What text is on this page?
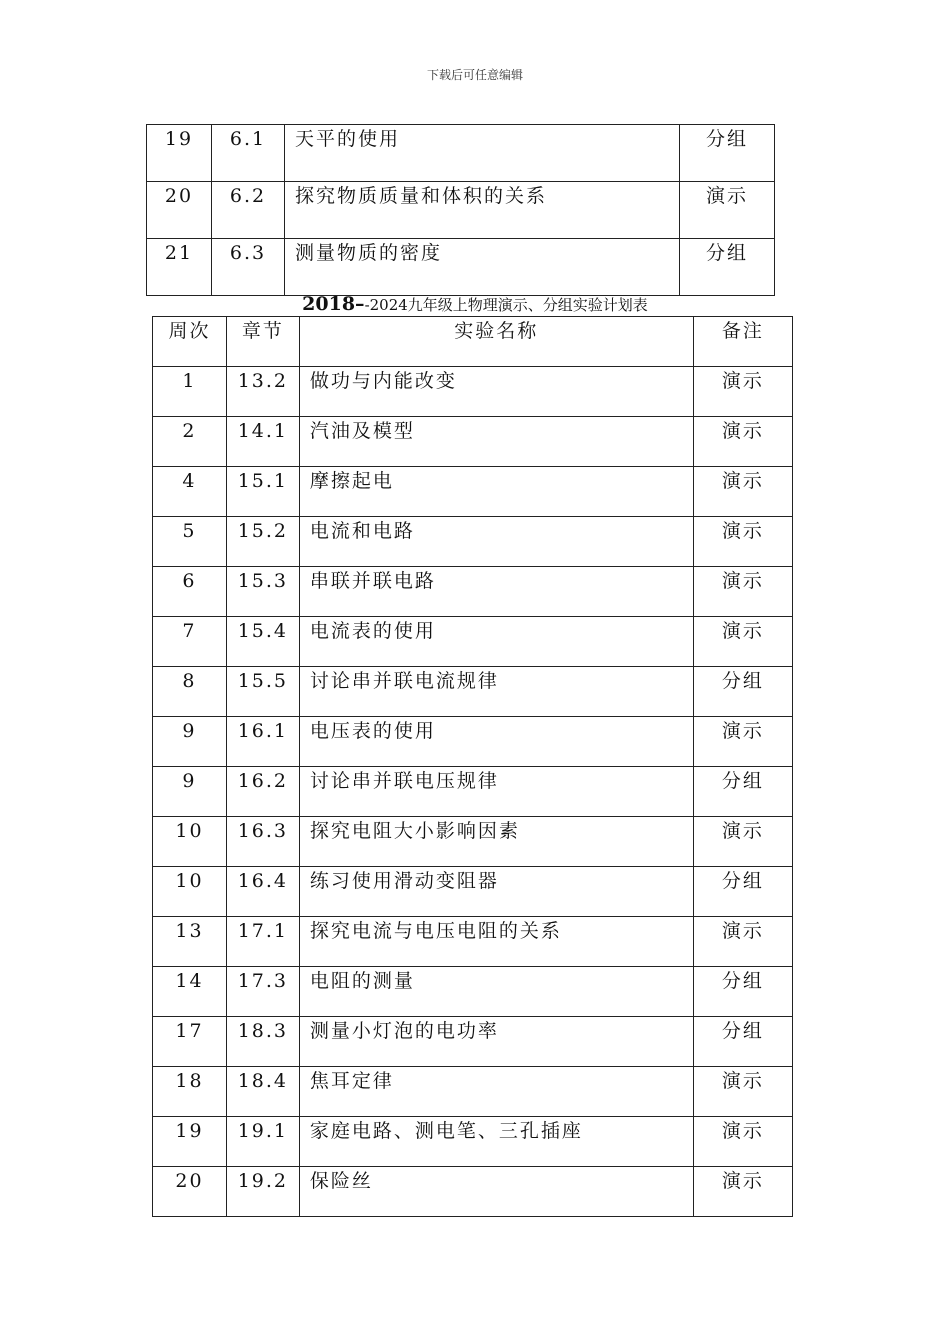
下载后可任意编辑
19	6.1	天平的使用	分组
20	6.2	探究物质质量和体积的关系	演示
21	6.3	测量物质的密度	分组
2018–-2024九年级上物理演示、分组实验计划表
周次	章节	实验名称	备注
1	13.2	做功与内能改变	演示
2	14.1	汽油及模型	演示
4	15.1	摩擦起电	演示
5	15.2	电流和电路	演示
6	15.3	串联并联电路	演示
7	15.4	电流表的使用	演示
8	15.5	讨论串并联电流规律	分组
9	16.1	电压表的使用	演示
9	16.2	讨论串并联电压规律	分组
10	16.3	探究电阻大小影响因素	演示
10	16.4	练习使用滑动变阻器	分组
13	17.1	探究电流与电压电阻的关系	演示
14	17.3	电阻的测量	分组
17	18.3	测量小灯泡的电功率	分组
18	18.4	焦耳定律	演示
19	19.1	家庭电路、测电笔、三孔插座	演示
20	19.2	保险丝	演示
